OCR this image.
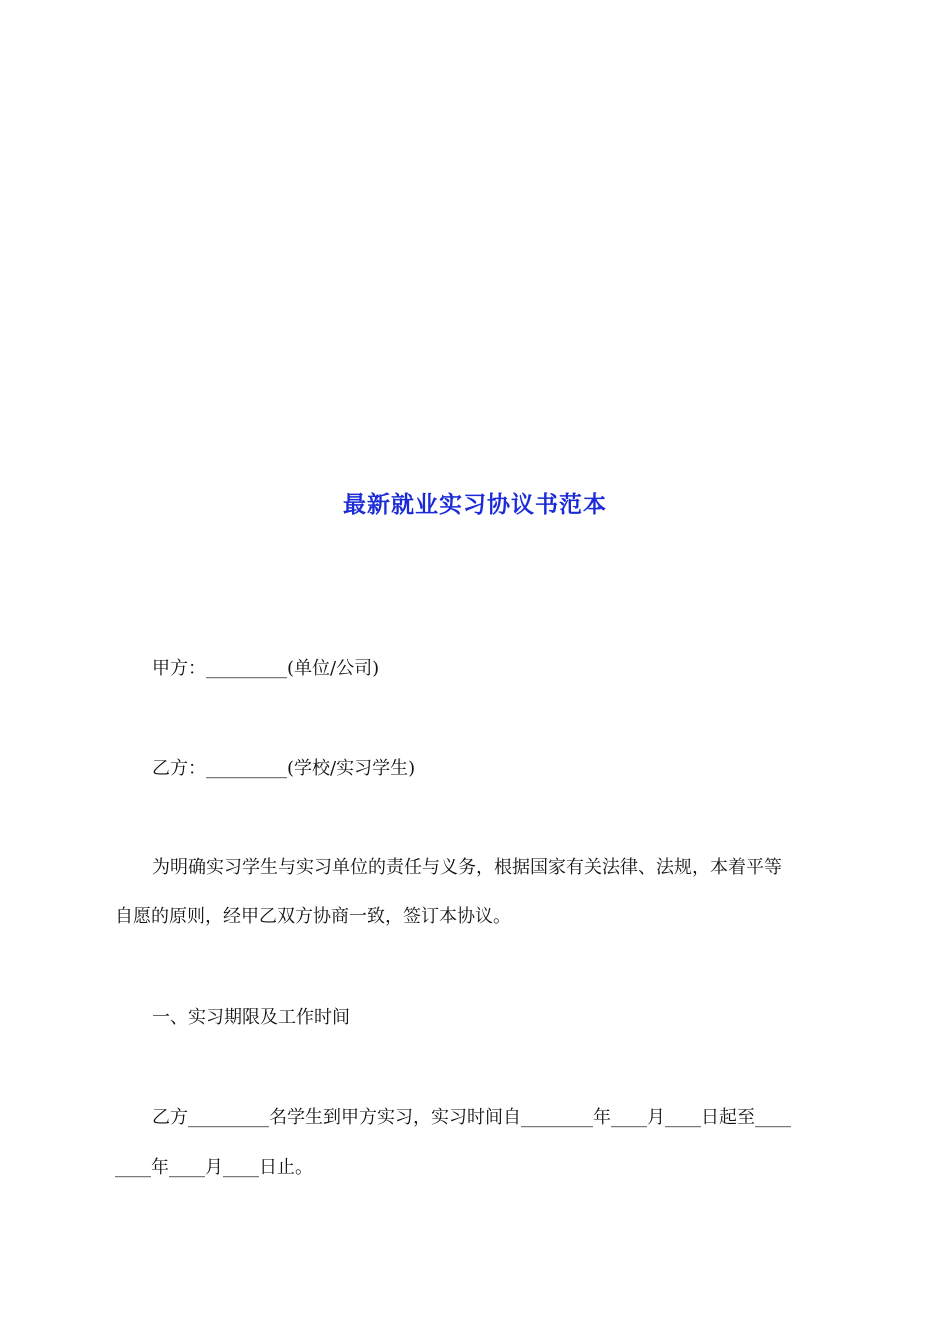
最新就业实习协议书范本
甲方：_________(单位/公司)
乙方：_________(学校/实习学生)
为明确实习学生与实习单位的责任与义务，根据国家有关法律、法规，本着平等
自愿的原则，经甲乙双方协商一致，签订本协议。
一、实习期限及工作时间
乙方_________名学生到甲方实习，实习时间自________年____月____日起至____
____年____月____日止。
